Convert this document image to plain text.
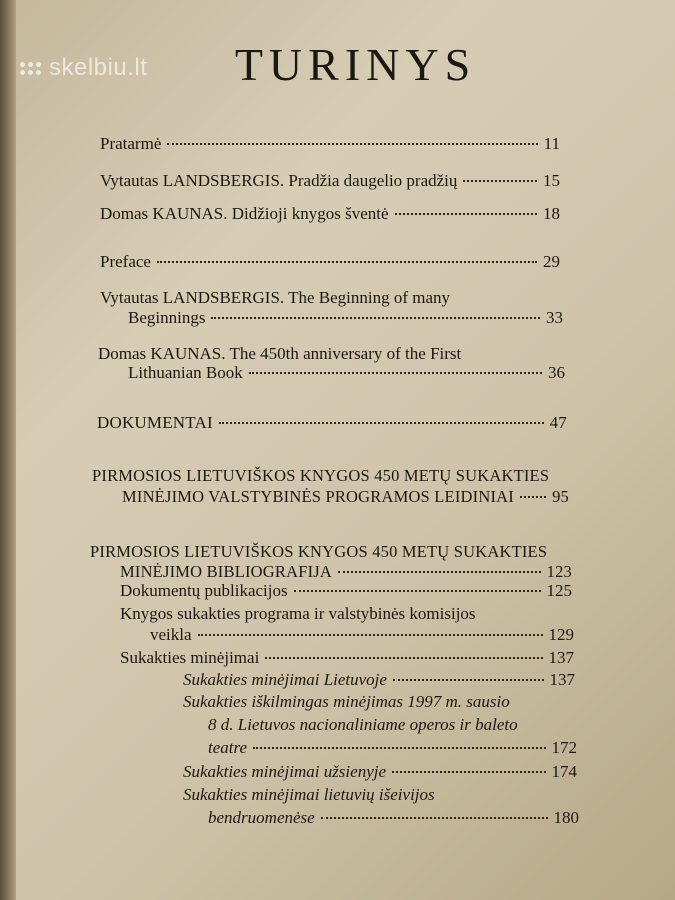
skelbiu.lt	TURINYS
Pratarmė	11
Vytautas LANDSBERGIS. Pradžia daugelio pradžių	15
Domas KAUNAS. Didžioji knygos šventė	18
Preface	29
Vytautas LANDSBERGIS. The Beginning of many
Beginnings	33
Domas KAUNAS. The 450th anniversary of the First
Lithuanian Book	36
DOKUMENTAI	47
PIRMOSIOS LIETUVIŠKOS KNYGOS 450 METŲ SUKAKTIES
MINĖJIMO VALSTYBINĖS PROGRAMOS LEIDINIAI 95
PIRMOSIOS LIETUVIŠKOS KNYGOS 450 METŲ SUKAKTIES
MINĖJIMO BIBLIOGRAFIJA	123
Dokumentų publikacijos	125
Knygos sukakties programa ir valstybinės komisijos
veikla	129
Sukakties minėjimai	137
Sukakties minėjimai Lietuvoje	137
Sukakties iškilmingas minėjimas 1997 m. sausio
8 d. Lietuvos nacionaliniame operos ir baleto
teatre	172
Sukakties minėjimai užsienyje	174
Sukakties minėjimai lietuvių išeivijos
bendruomenėse	180
